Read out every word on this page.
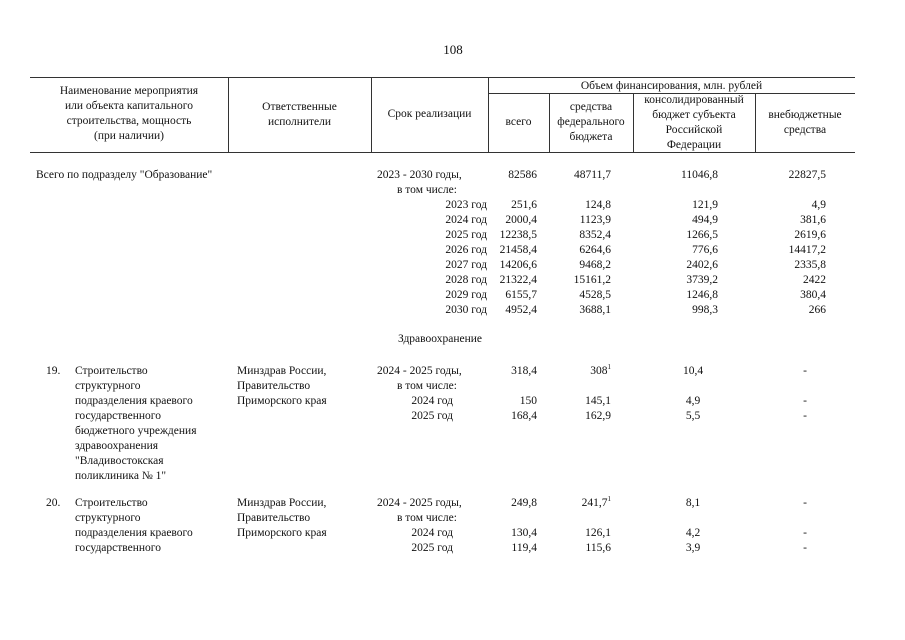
108
Наименование мероприятия
или объекта капитального
строительства, мощность
(при наличии)
Ответственные
исполнители
Срок реализации
Объем финансирования, млн. рублей
всего
средства
федерального
бюджета
консолидированный
бюджет субъекта
Российской
Федерации
внебюджетные
средства
Всего по подразделу "Образование"	2023 - 2030 годы,
в том числе:
2023 год
2024 год
2025 год
2026 год
2027 год
2028 год
2029 год
2030 год
82586
251,6
2000,4
12238,5
21458,4
14206,6
21322,4
6155,7
4952,4
48711,7
124,8
1123,9
8352,4
6264,6
9468,2
15161,2
4528,5
3688,1
11046,8
121,9
494,9
1266,5
776,6
2402,6
3739,2
1246,8
998,3
22827,5
4,9
381,6
2619,6
14417,2
2335,8
2422
380,4
266
Здравоохранение
19. Строительство
структурного
подразделения краевого
государственного
бюджетного учреждения
здравоохранения
"Владивостокская
поликлиника № 1"
Минздрав России,
Правительство
Приморского края
2024 - 2025 годы,
в том числе:
2024 год
2025 год
318,4
150
168,4
$308^1$
145,1
162,9
10,4
4,9
5,5
-
-
-
20. Строительство
структурного
подразделения краевого
государственного
Минздрав России,
Правительство
Приморского края
2024 - 2025 годы,
в том числе:
2024 год
2025 год
249,8
130,4
119,4
241,7$^1$
126,1
115,6
8,1
4,2
3,9
-
-
-
